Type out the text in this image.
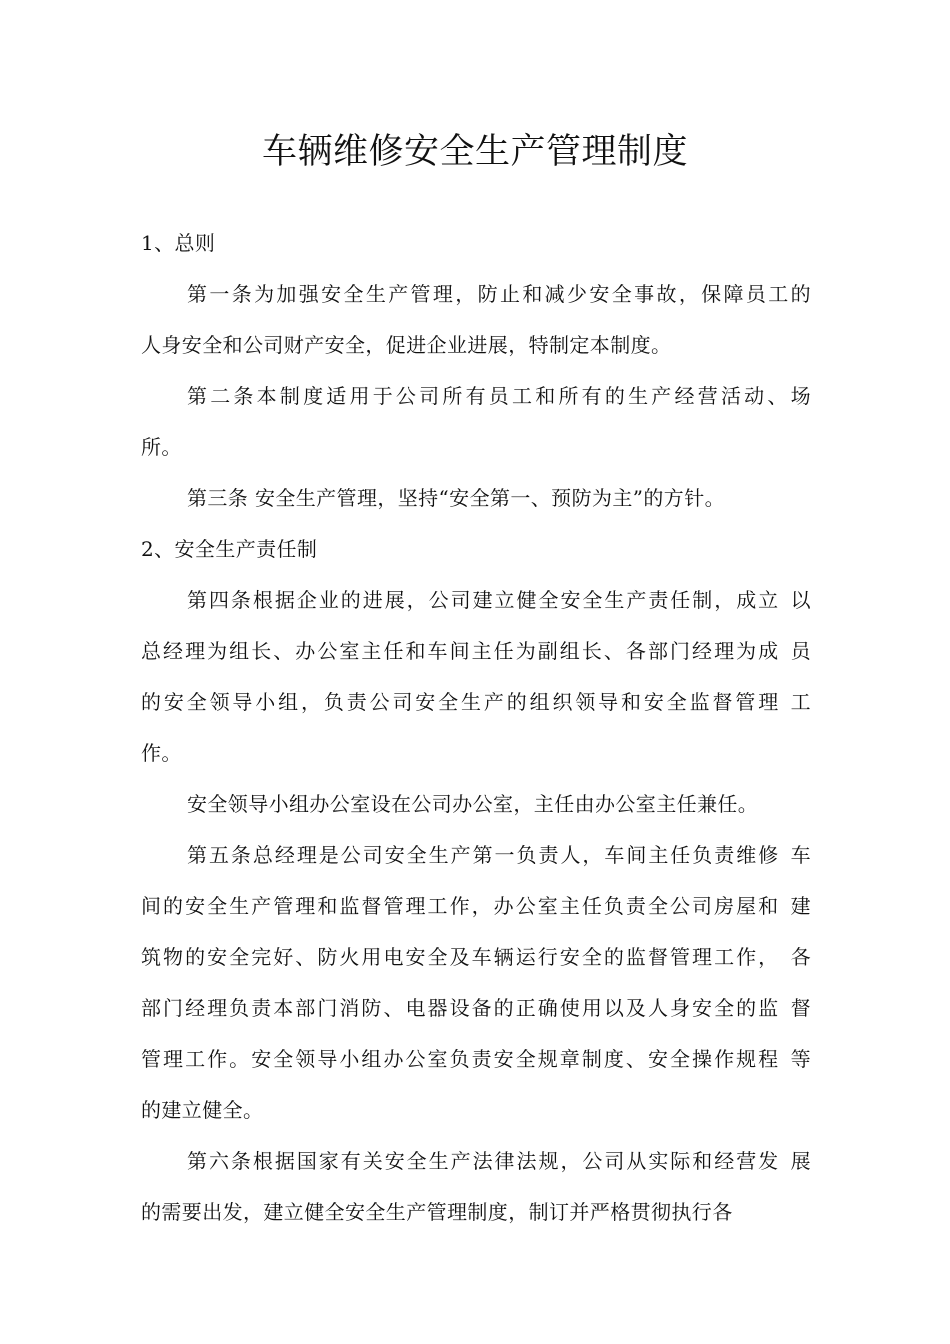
车辆维修安全生产管理制度
1、总则
第一条为加强安全生产管理，防止和减少安全事故，保障员工的
人身安全和公司财产安全，促进企业进展，特制定本制度。
第二条本制度适用于公司所有员工和所有的生产经营活动、场
所。
第三条 安全生产管理，坚持“安全第一、预防为主”的方针。
2、安全生产责任制
第四条根据企业的进展，公司建立健全安全生产责任制，成立 以
总经理为组长、办公室主任和车间主任为副组长、各部门经理为成 员
的安全领导小组，负责公司安全生产的组织领导和安全监督管理 工
作。
安全领导小组办公室设在公司办公室，主任由办公室主任兼任。
第五条总经理是公司安全生产第一负责人，车间主任负责维修 车
间的安全生产管理和监督管理工作，办公室主任负责全公司房屋和 建
筑物的安全完好、防火用电安全及车辆运行安全的监督管理工作， 各
部门经理负责本部门消防、电器设备的正确使用以及人身安全的监 督
管理工作。安全领导小组办公室负责安全规章制度、安全操作规程 等
的建立健全。
第六条根据国家有关安全生产法律法规，公司从实际和经营发 展
的需要出发，建立健全安全生产管理制度，制订并严格贯彻执行各
